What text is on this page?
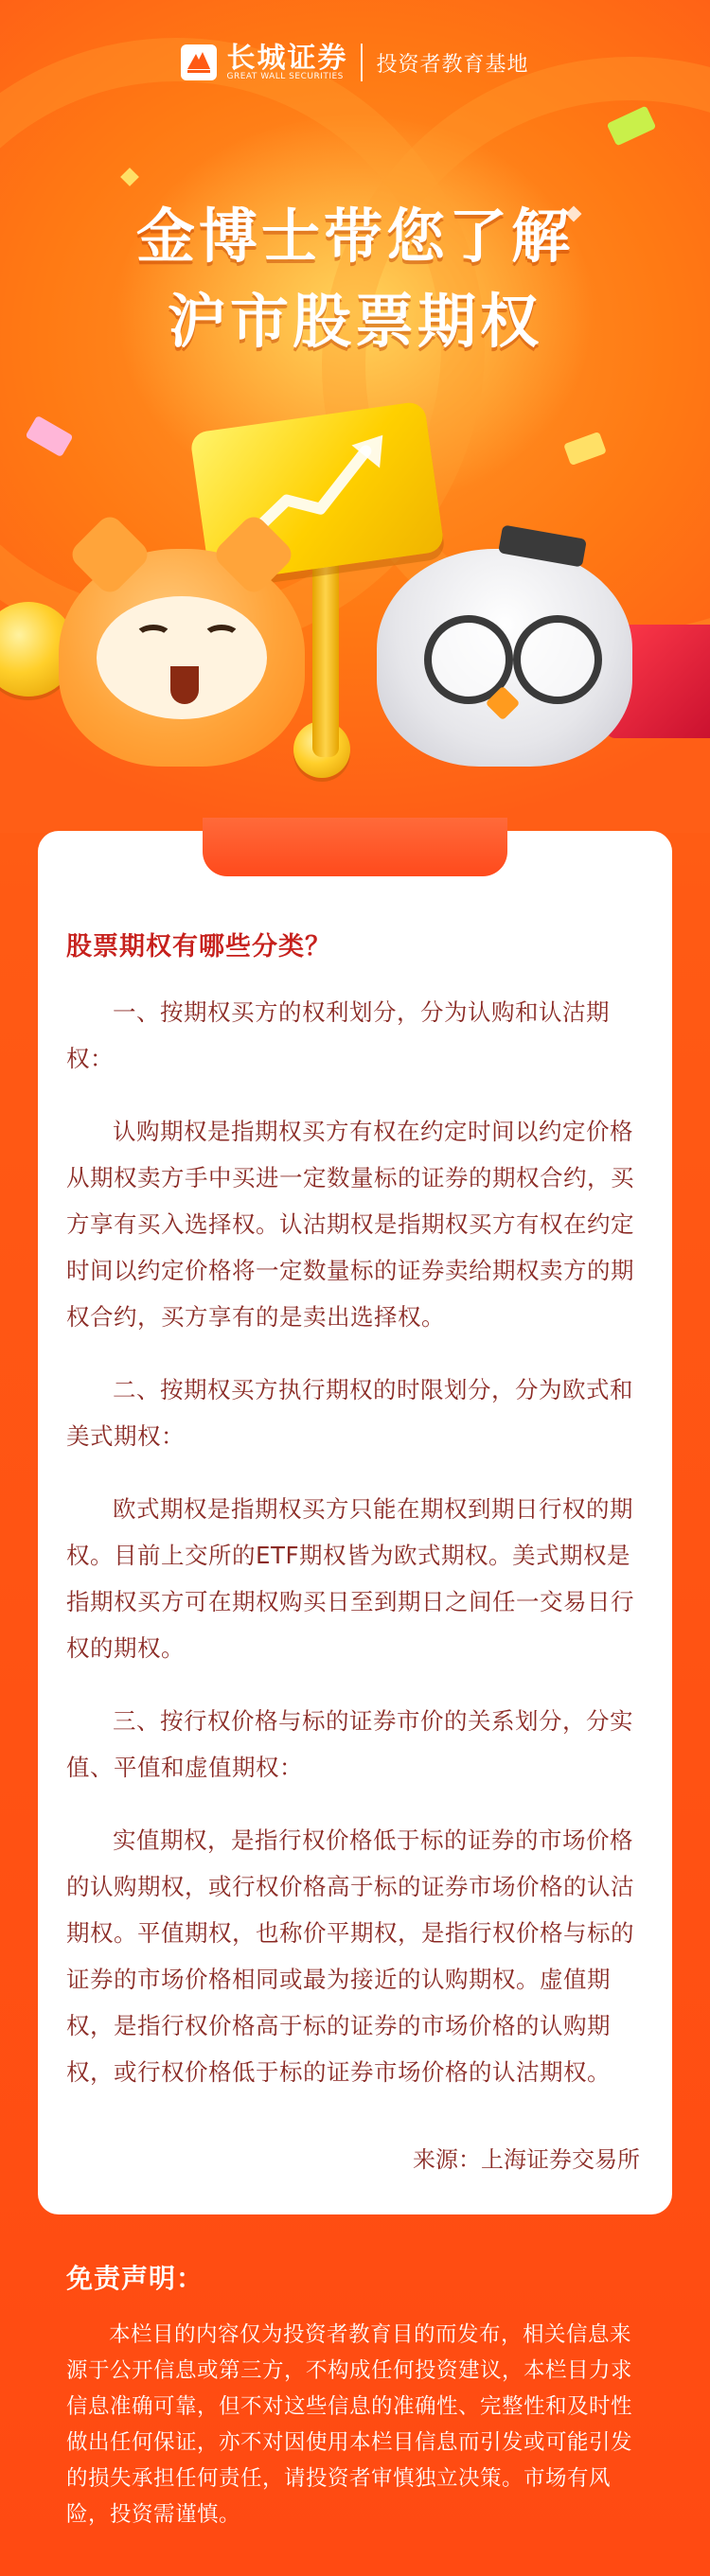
长城证券
GREAT WALL SECURITIES
投资者教育基地
金博士带您了解
沪市股票期权
股票期权有哪些分类？

一、按期权买方的权利划分，分为认购和认沽期权：

认购期权是指期权买方有权在约定时间以约定价格从期权卖方手中买进一定数量标的证券的期权合约，买方享有买入选择权。认沽期权是指期权买方有权在约定时间以约定价格将一定数量标的证券卖给期权卖方的期权合约，买方享有的是卖出选择权。

二、按期权买方执行期权的时限划分，分为欧式和美式期权：

欧式期权是指期权买方只能在期权到期日行权的期权。目前上交所的ETF期权皆为欧式期权。美式期权是指期权买方可在期权购买日至到期日之间任一交易日行权的期权。

三、按行权价格与标的证券市价的关系划分，分实值、平值和虚值期权：

实值期权，是指行权价格低于标的证券的市场价格的认购期权，或行权价格高于标的证券市场价格的认沽期权。平值期权，也称价平期权，是指行权价格与标的证券的市场价格相同或最为接近的认购期权。虚值期权，是指行权价格高于标的证券的市场价格的认购期权，或行权价格低于标的证券市场价格的认沽期权。

来源：上海证券交易所
免责声明：
本栏目的内容仅为投资者教育目的而发布，相关信息来源于公开信息或第三方，不构成任何投资建议，本栏目力求信息准确可靠，但不对这些信息的准确性、完整性和及时性做出任何保证，亦不对因使用本栏目信息而引发或可能引发的损失承担任何责任，请投资者审慎独立决策。市场有风险，投资需谨慎。
